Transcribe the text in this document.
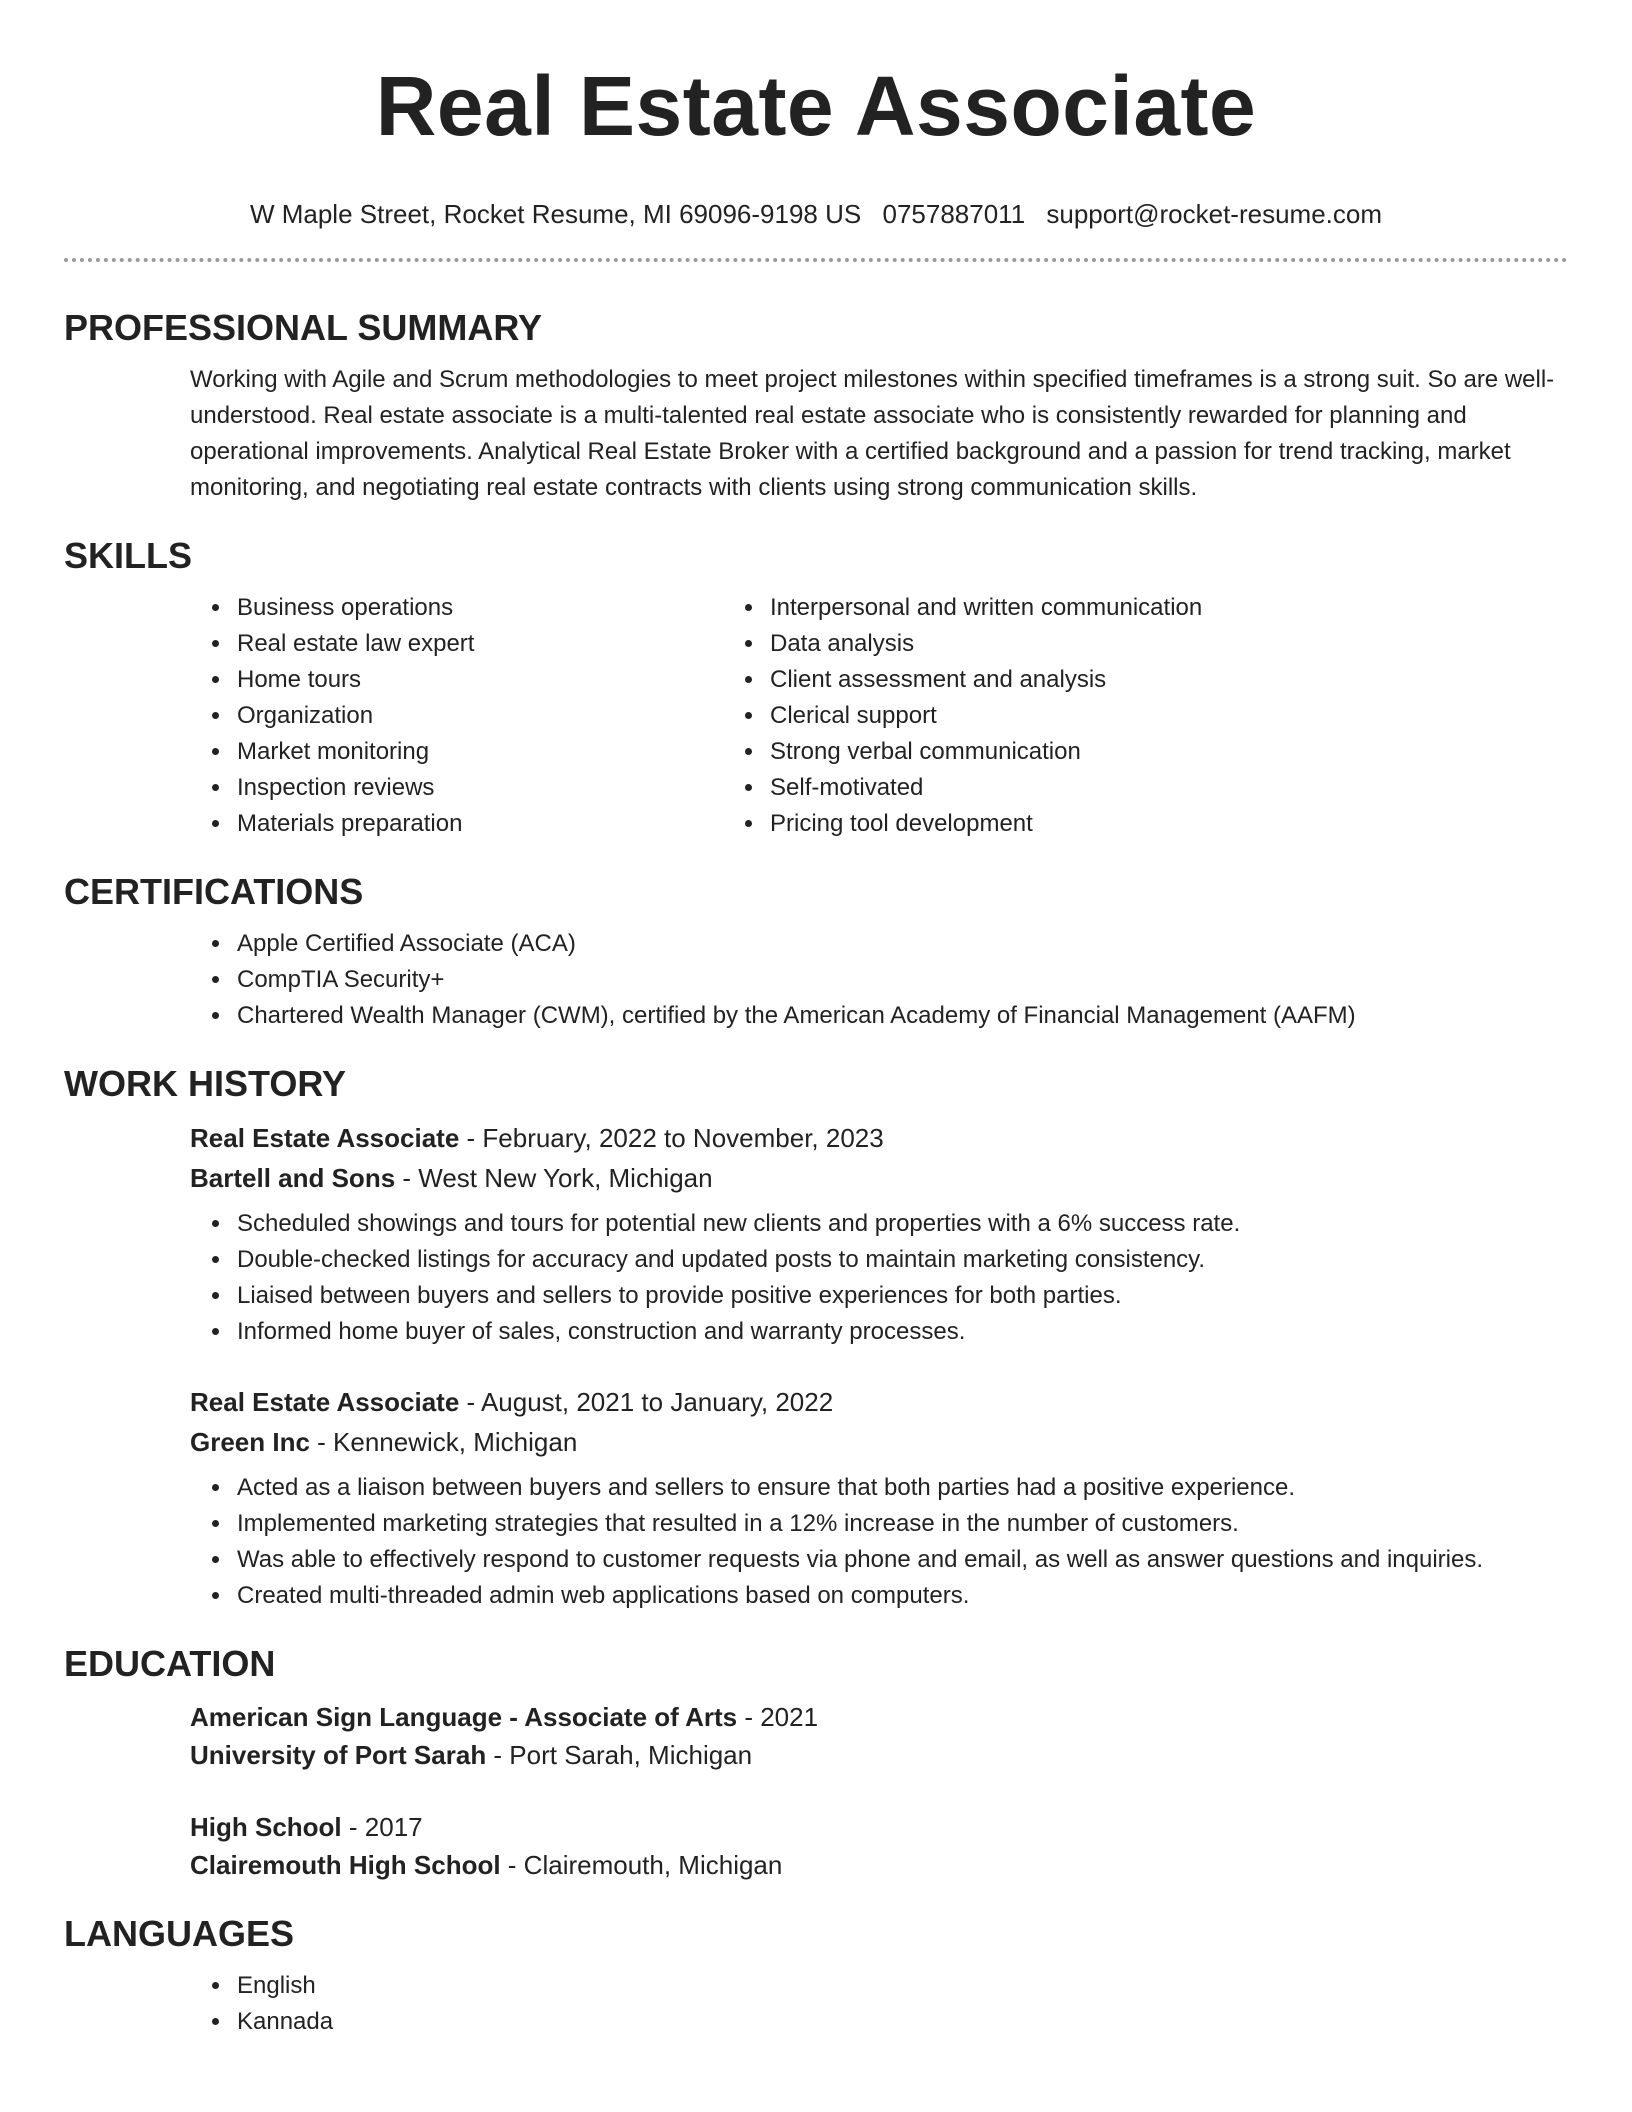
Real Estate Associate
W Maple Street, Rocket Resume, MI 69096-9198 US 0757887011 support@rocket-resume.com
PROFESSIONAL SUMMARY
Working with Agile and Scrum methodologies to meet project milestones within specified timeframes is a strong suit. So are well-understood. Real estate associate is a multi-talented real estate associate who is consistently rewarded for planning and operational improvements. Analytical Real Estate Broker with a certified background and a passion for trend tracking, market monitoring, and negotiating real estate contracts with clients using strong communication skills.
SKILLS
• Business operations
• Real estate law expert
• Home tours
• Organization
• Market monitoring
• Inspection reviews
• Materials preparation
• Interpersonal and written communication
• Data analysis
• Client assessment and analysis
• Clerical support
• Strong verbal communication
• Self-motivated
• Pricing tool development
CERTIFICATIONS
• Apple Certified Associate (ACA)
• CompTIA Security+
• Chartered Wealth Manager (CWM), certified by the American Academy of Financial Management (AAFM)
WORK HISTORY
Real Estate Associate - February, 2022 to November, 2023
Bartell and Sons - West New York, Michigan
• Scheduled showings and tours for potential new clients and properties with a 6% success rate.
• Double-checked listings for accuracy and updated posts to maintain marketing consistency.
• Liaised between buyers and sellers to provide positive experiences for both parties.
• Informed home buyer of sales, construction and warranty processes.
Real Estate Associate - August, 2021 to January, 2022
Green Inc - Kennewick, Michigan
• Acted as a liaison between buyers and sellers to ensure that both parties had a positive experience.
• Implemented marketing strategies that resulted in a 12% increase in the number of customers.
• Was able to effectively respond to customer requests via phone and email, as well as answer questions and inquiries.
• Created multi-threaded admin web applications based on computers.
EDUCATION
American Sign Language - Associate of Arts - 2021
University of Port Sarah - Port Sarah, Michigan
High School - 2017
Clairemouth High School - Clairemouth, Michigan
LANGUAGES
• English
• Kannada
